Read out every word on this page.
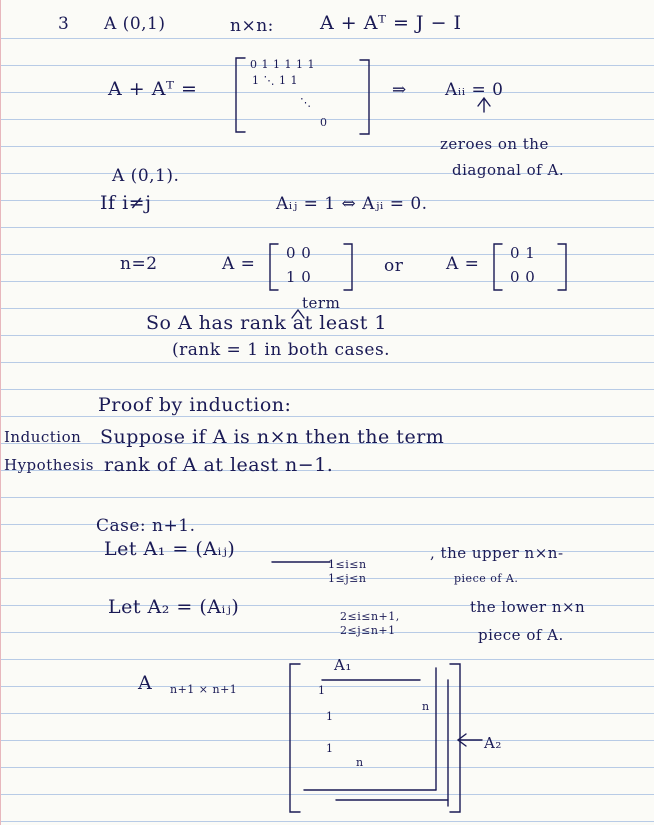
3 A (0,1)	n×n: A + Aᵀ = J − I
A + Aᵀ =
0 1 1 1 1 1
1 ⋱ 1 1
⋱
0
⇒ Aᵢᵢ = 0
zeroes on the
diagonal of A.
A (0,1).
If i≠j	Aᵢⱼ = 1 ⇔ Aⱼᵢ = 0.
n=2	A =
0 0
1 0
or	A =
0 1
0 0
term
So A has rank at least 1
(rank = 1 in both cases.
Proof by induction:
Induction Suppose if A is n×n then the term
Hypothesis rank of A at least n−1.
Case: n+1.
Let A₁ = (Aᵢⱼ)
1≤i≤n
1≤j≤n
, the upper n×n-
piece of A.
Let A₂ = (Aᵢⱼ)	2≤i≤n+1,
2≤j≤n+1
the lower n×n
piece of A.
A n+1 × n+1
A₁
n
n
1
1
1	A₂
